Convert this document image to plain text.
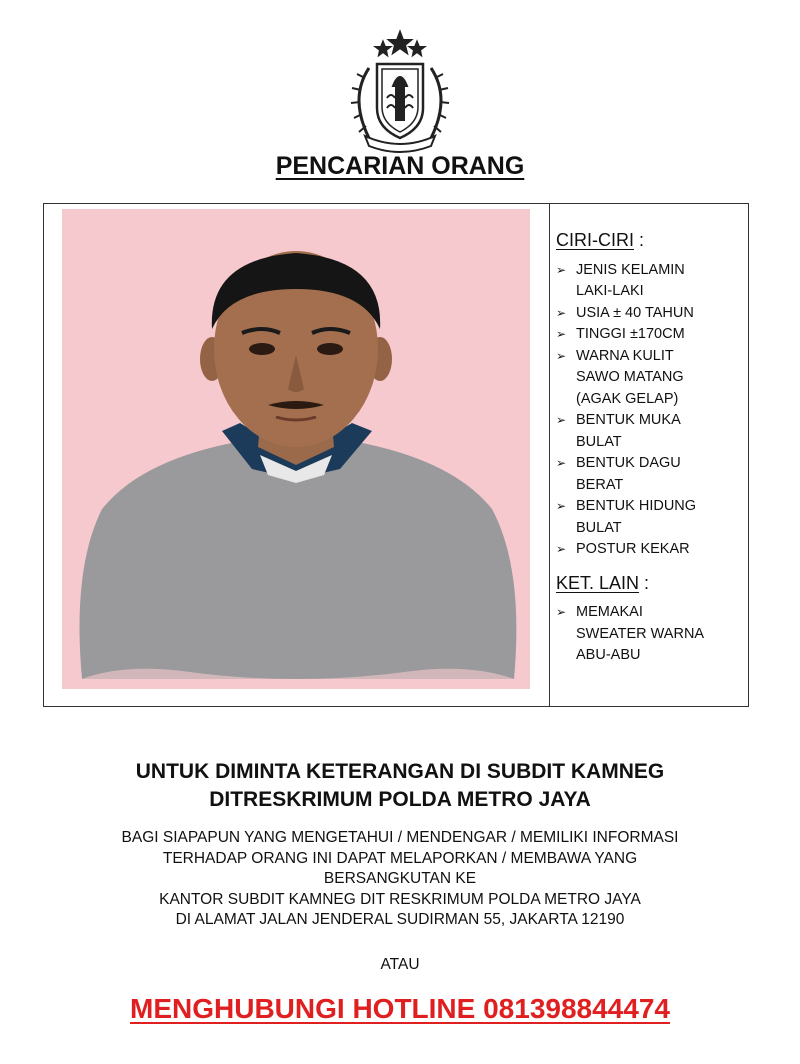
PENCARIAN ORANG
CIRI-CIRI :
➢ JENIS KELAMIN
LAKI-LAKI
➢ USIA ± 40 TAHUN
➢ TINGGI ±170CM
➢ WARNA KULIT
SAWO MATANG
(AGAK GELAP)
➢ BENTUK MUKA
BULAT
➢ BENTUK DAGU
BERAT
➢ BENTUK HIDUNG
BULAT
➢ POSTUR KEKAR
KET. LAIN :
➢ MEMAKAI
SWEATER WARNA
ABU-ABU
UNTUK DIMINTA KETERANGAN DI SUBDIT KAMNEG
DITRESKRIMUM POLDA METRO JAYA
BAGI SIAPAPUN YANG MENGETAHUI / MENDENGAR / MEMILIKI INFORMASI
TERHADAP ORANG INI DAPAT MELAPORKAN / MEMBAWA YANG
BERSANGKUTAN KE
KANTOR SUBDIT KAMNEG DIT RESKRIMUM POLDA METRO JAYA
DI ALAMAT JALAN JENDERAL SUDIRMAN 55, JAKARTA 12190
ATAU
MENGHUBUNGI HOTLINE 081398844474
